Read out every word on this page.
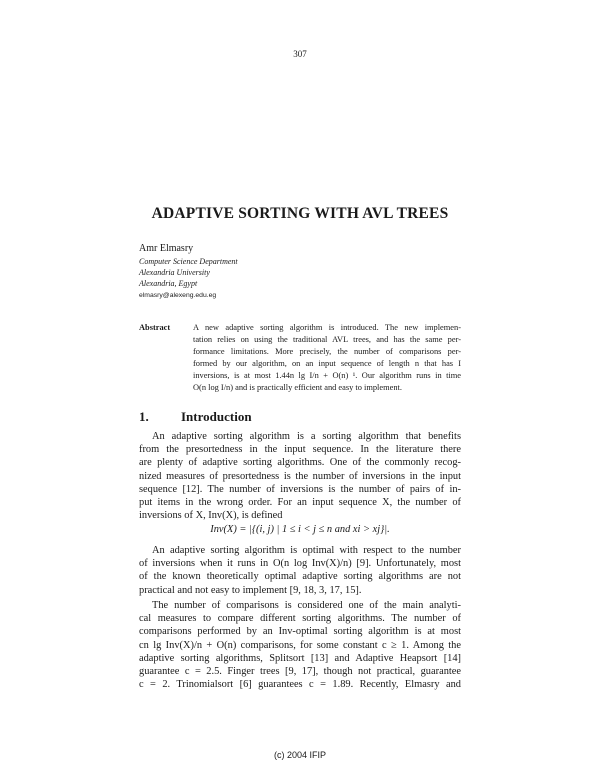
307
ADAPTIVE SORTING WITH AVL TREES
Amr Elmasry
Computer Science Department
Alexandria University
Alexandria, Egypt
elmasry@alexeng.edu.eg
Abstract	A new adaptive sorting algorithm is introduced. The new implemen-
tation relies on using the traditional AVL trees, and has the same per-
formance limitations. More precisely, the number of comparisons per-
formed by our algorithm, on an input sequence of length n that has I
inversions, is at most 1.44n lg I/n + O(n) ¹. Our algorithm runs in time
O(n log I/n) and is practically efficient and easy to implement.
1. Introduction
An adaptive sorting algorithm is a sorting algorithm that benefits
from the presortedness in the input sequence. In the literature there
are plenty of adaptive sorting algorithms. One of the commonly recog-
nized measures of presortedness is the number of inversions in the input
sequence [12]. The number of inversions is the number of pairs of in-
put items in the wrong order. For an input sequence X, the number of
inversions of X, Inv(X), is defined
Inv(X) = |{(i, j) | 1 ≤ i < j ≤ n and xi > xj}|.
An adaptive sorting algorithm is optimal with respect to the number
of inversions when it runs in O(n log Inv(X)/n) [9]. Unfortunately, most
of the known theoretically optimal adaptive sorting algorithms are not
practical and not easy to implement [9, 18, 3, 17, 15].
The number of comparisons is considered one of the main analyti-
cal measures to compare different sorting algorithms. The number of
comparisons performed by an Inv-optimal sorting algorithm is at most
cn lg Inv(X)/n + O(n) comparisons, for some constant c ≥ 1. Among the
adaptive sorting algorithms, Splitsort [13] and Adaptive Heapsort [14]
guarantee c = 2.5. Finger trees [9, 17], though not practical, guarantee
c = 2. Trinomialsort [6] guarantees c = 1.89. Recently, Elmasry and
(c) 2004 IFIP
